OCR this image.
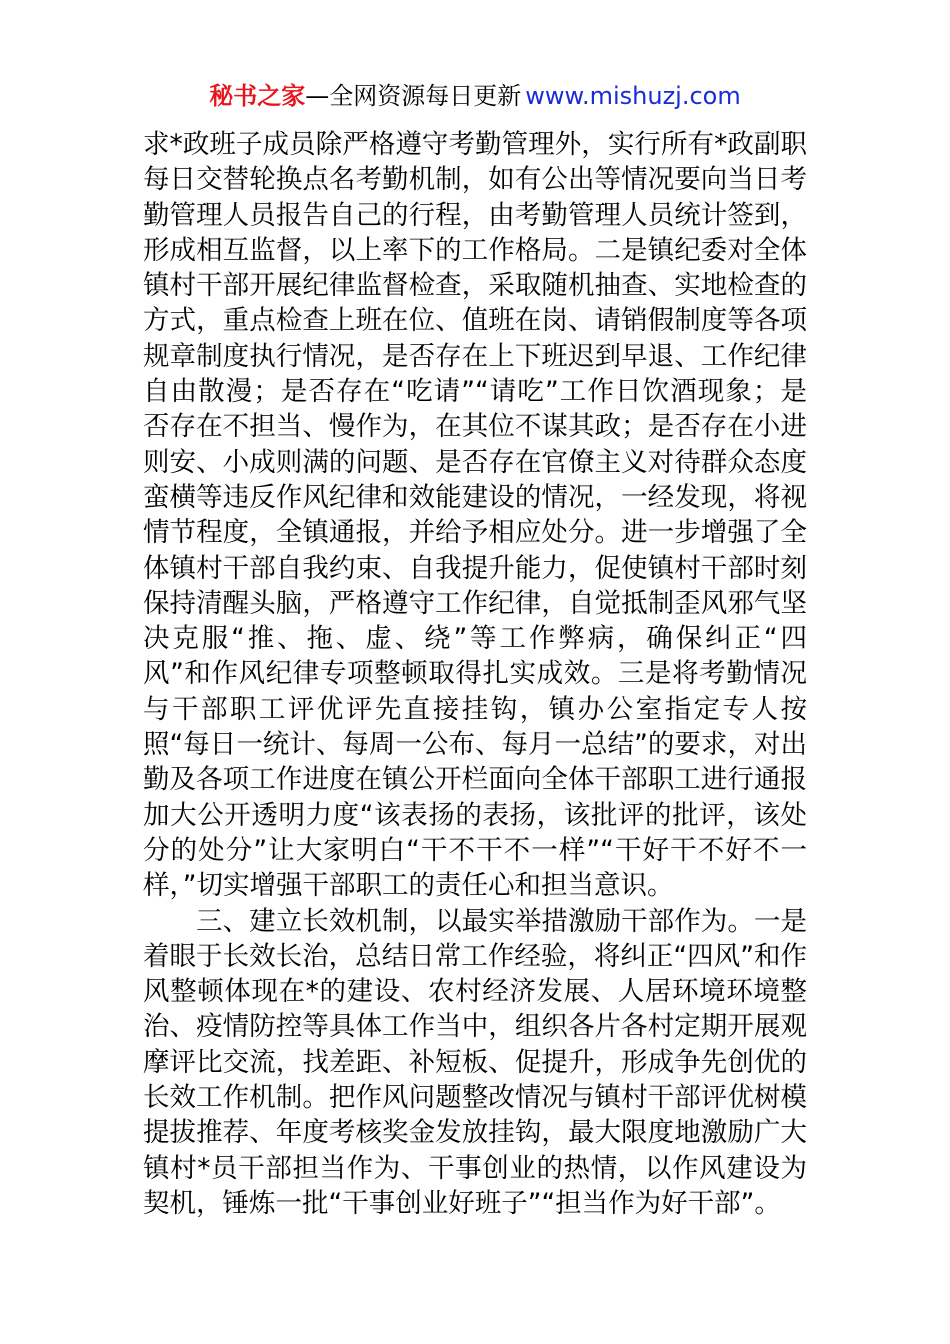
秘书之家—全网资源每日更新 www.mishuzj.com

求*政班子成员除严格遵守考勤管理外，实行所有*政副职每日交替轮换点名考勤机制，如有公出等情况要向当日考勤管理人员报告自己的行程，由考勤管理人员统计签到，形成相互监督，以上率下的工作格局。二是镇纪委对全体镇村干部开展纪律监督检查，采取随机抽查、实地检查的方式，重点检查上班在位、值班在岗、请销假制度等各项规章制度执行情况，是否存在上下班迟到早退、工作纪律自由散漫；是否存在“吃请”“请吃”工作日饮酒现象；是否存在不担当、慢作为，在其位不谋其政；是否存在小进则安、小成则满的问题、是否存在官僚主义对待群众态度蛮横等违反作风纪律和效能建设的情况，一经发现，将视情节程度，全镇通报，并给予相应处分。进一步增强了全体镇村干部自我约束、自我提升能力，促使镇村干部时刻保持清醒头脑，严格遵守工作纪律，自觉抵制歪风邪气坚决克服“推、拖、虚、绕”等工作弊病，确保纠正“四风”和作风纪律专项整顿取得扎实成效。三是将考勤情况与干部职工评优评先直接挂钩，镇办公室指定专人按照“每日一统计、每周一公布、每月一总结”的要求，对出勤及各项工作进度在镇公开栏面向全体干部职工进行通报加大公开透明力度“该表扬的表扬，该批评的批评，该处分的处分”让大家明白“干不干不一样”“干好干不好不一样，”切实增强干部职工的责任心和担当意识。

三、建立长效机制，以最实举措激励干部作为。一是着眼于长效长治，总结日常工作经验，将纠正“四风”和作风整顿体现在*的建设、农村经济发展、人居环境环境整治、疫情防控等具体工作当中，组织各片各村定期开展观摩评比交流，找差距、补短板、促提升，形成争先创优的长效工作机制。把作风问题整改情况与镇村干部评优树模提拔推荐、年度考核奖金发放挂钩，最大限度地激励广大镇村*员干部担当作为、干事创业的热情，以作风建设为契机，锤炼一批“干事创业好班子”“担当作为好干部”。
